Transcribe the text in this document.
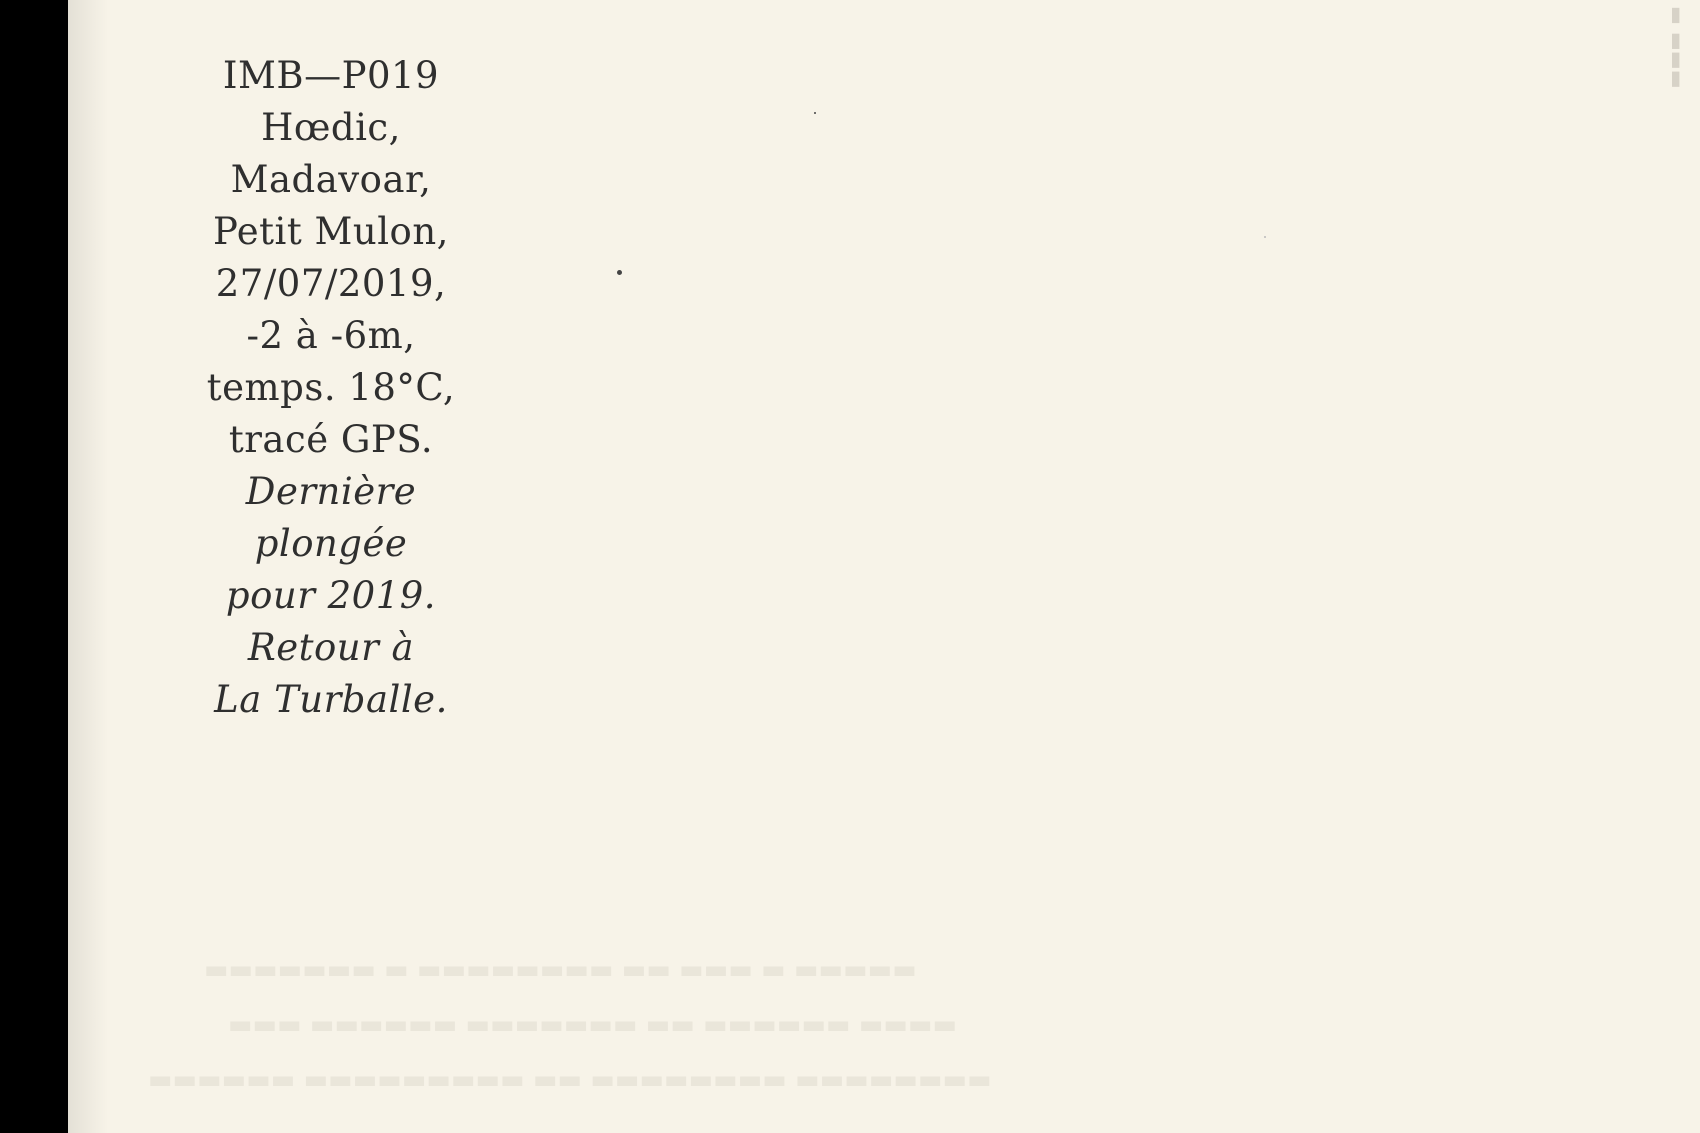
IMB—P019
Hœdic,
Madavoar,
Petit Mulon,
27/07/2019,
-2 à -6m,
temps. 18°C,
tracé GPS.
Dernière
plongée
pour 2019.
Retour à
La Turballe.
▬▬▬▬▬ ▬ ▬▬▬ ▬▬ ▬▬▬▬▬▬▬▬ ▬ ▬▬▬▬▬▬▬
▬▬▬▬ ▬▬▬▬▬▬ ▬▬ ▬▬▬▬▬▬▬ ▬▬▬▬▬▬ ▬▬▬
▬▬▬▬▬▬▬▬ ▬▬▬▬▬▬▬▬ ▬▬ ▬▬▬▬▬▬▬▬▬ ▬▬▬▬▬▬
▬▬▬ ▬
